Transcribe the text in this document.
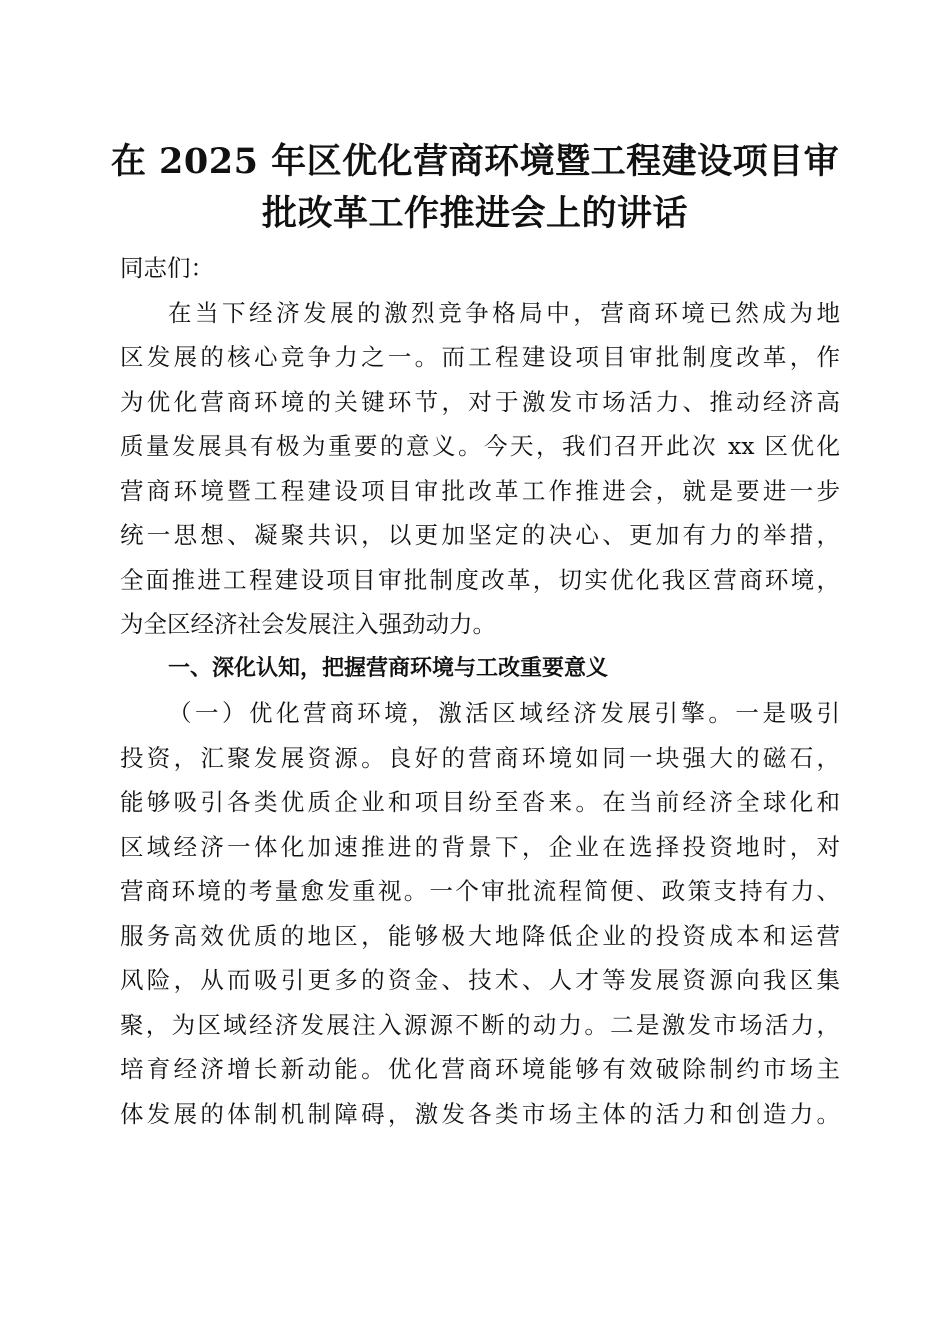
在 2025 年区优化营商环境暨工程建设项目审
批改革工作推进会上的讲话
同志们：
在当下经济发展的激烈竞争格局中，营商环境已然成为地
区发展的核心竞争力之一。而工程建设项目审批制度改革，作
为优化营商环境的关键环节，对于激发市场活力、推动经济高
质量发展具有极为重要的意义。今天，我们召开此次 xx 区优化
营商环境暨工程建设项目审批改革工作推进会，就是要进一步
统一思想、凝聚共识，以更加坚定的决心、更加有力的举措，
全面推进工程建设项目审批制度改革，切实优化我区营商环境，
为全区经济社会发展注入强劲动力。
一、深化认知，把握营商环境与工改重要意义
（一）优化营商环境，激活区域经济发展引擎。一是吸引
投资，汇聚发展资源。良好的营商环境如同一块强大的磁石，
能够吸引各类优质企业和项目纷至沓来。在当前经济全球化和
区域经济一体化加速推进的背景下，企业在选择投资地时，对
营商环境的考量愈发重视。一个审批流程简便、政策支持有力、
服务高效优质的地区，能够极大地降低企业的投资成本和运营
风险，从而吸引更多的资金、技术、人才等发展资源向我区集
聚，为区域经济发展注入源源不断的动力。二是激发市场活力，
培育经济增长新动能。优化营商环境能够有效破除制约市场主
体发展的体制机制障碍，激发各类市场主体的活力和创造力。
